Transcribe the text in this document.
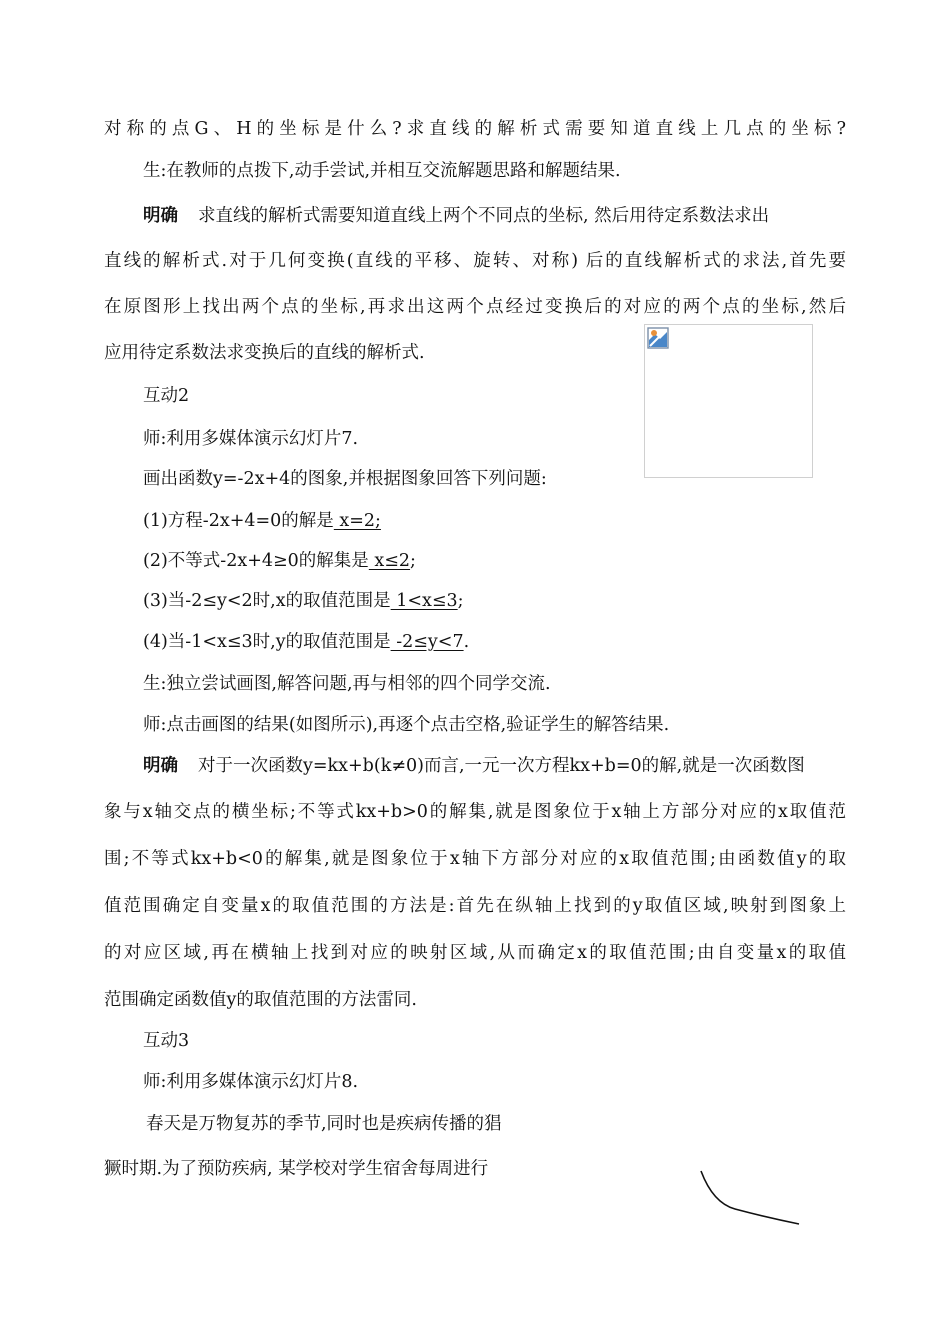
对称的点G、H的坐标是什么?求直线的解析式需要知道直线上几点的坐标?
生:在教师的点拨下,动手尝试,并相互交流解题思路和解题结果.
明确 求直线的解析式需要知道直线上两个不同点的坐标, 然后用待定系数法求出
直线的解析式.对于几何变换(直线的平移、旋转、对称) 后的直线解析式的求法,首先要
在原图形上找出两个点的坐标,再求出这两个点经过变换后的对应的两个点的坐标,然后
应用待定系数法求变换后的直线的解析式.
互动2
师:利用多媒体演示幻灯片7.
画出函数y=-2x+4的图象,并根据图象回答下列问题:
(1)方程-2x+4=0的解是 x=2;
(2)不等式-2x+4≥0的解集是 x≤2;
(3)当-2≤y<2时,x的取值范围是 1<x≤3;
(4)当-1<x≤3时,y的取值范围是 -2≤y<7.
生:独立尝试画图,解答问题,再与相邻的四个同学交流.
师:点击画图的结果(如图所示),再逐个点击空格,验证学生的解答结果.
明确 对于一次函数y=kx+b(k≠0)而言,一元一次方程kx+b=0的解,就是一次函数图
象与x轴交点的横坐标;不等式kx+b>0的解集,就是图象位于x轴上方部分对应的x取值范
围;不等式kx+b<0的解集,就是图象位于x轴下方部分对应的x取值范围;由函数值y的取
值范围确定自变量x的取值范围的方法是:首先在纵轴上找到的y取值区域,映射到图象上
的对应区域,再在横轴上找到对应的映射区域,从而确定x的取值范围;由自变量x的取值
范围确定函数值y的取值范围的方法雷同.
互动3
师:利用多媒体演示幻灯片8.
春天是万物复苏的季节,同时也是疾病传播的猖
獗时期.为了预防疾病, 某学校对学生宿舍每周进行
